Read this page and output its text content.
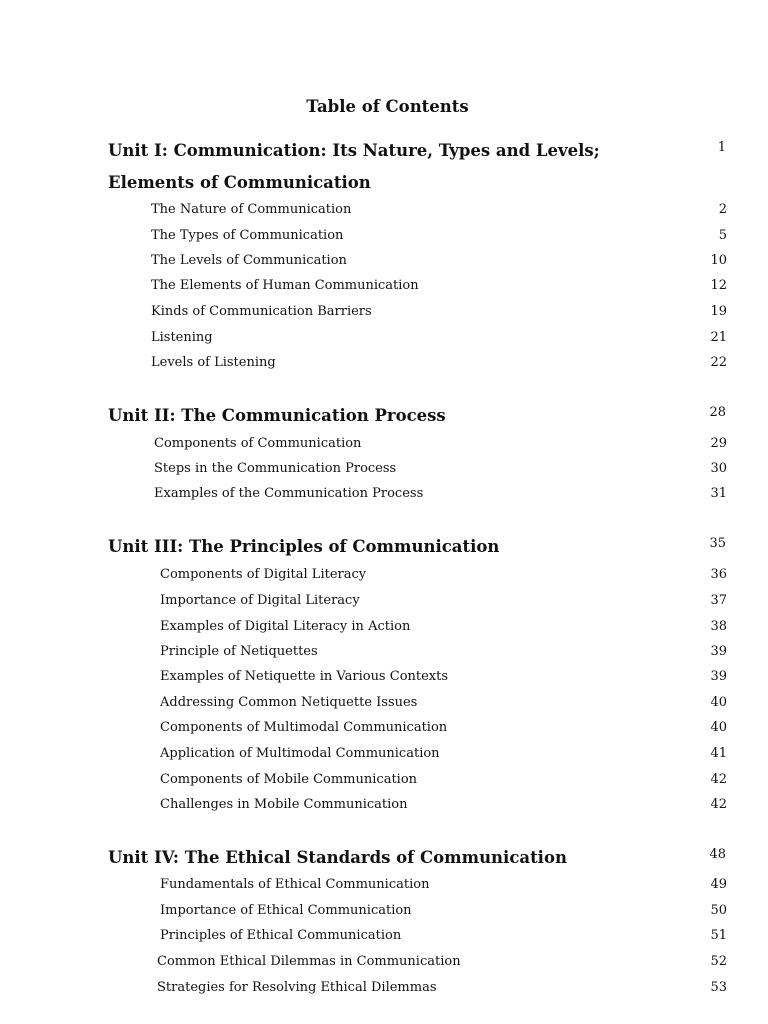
Table of Contents
Unit I: Communication: Its Nature, Types and Levels; Elements of Communication
1
The Nature of Communication	2
The Types of Communication	5
The Levels of Communication	10
The Elements of Human Communication	12
Kinds of Communication Barriers	19
Listening	21
Levels of Listening	22
Unit II: The Communication Process	28
Components of Communication	29
Steps in the Communication Process	30
Examples of the Communication Process	31
Unit III: The Principles of Communication	35
Components of Digital Literacy	36
Importance of Digital Literacy	37
Examples of Digital Literacy in Action	38
Principle of Netiquettes	39
Examples of Netiquette in Various Contexts	39
Addressing Common Netiquette Issues	40
Components of Multimodal Communication	40
Application of Multimodal Communication	41
Components of Mobile Communication	42
Challenges in Mobile Communication	42
Unit IV: The Ethical Standards of Communication	48
Fundamentals of Ethical Communication	49
Importance of Ethical Communication	50
Principles of Ethical Communication	51
Common Ethical Dilemmas in Communication	52
Strategies for Resolving Ethical Dilemmas	53
